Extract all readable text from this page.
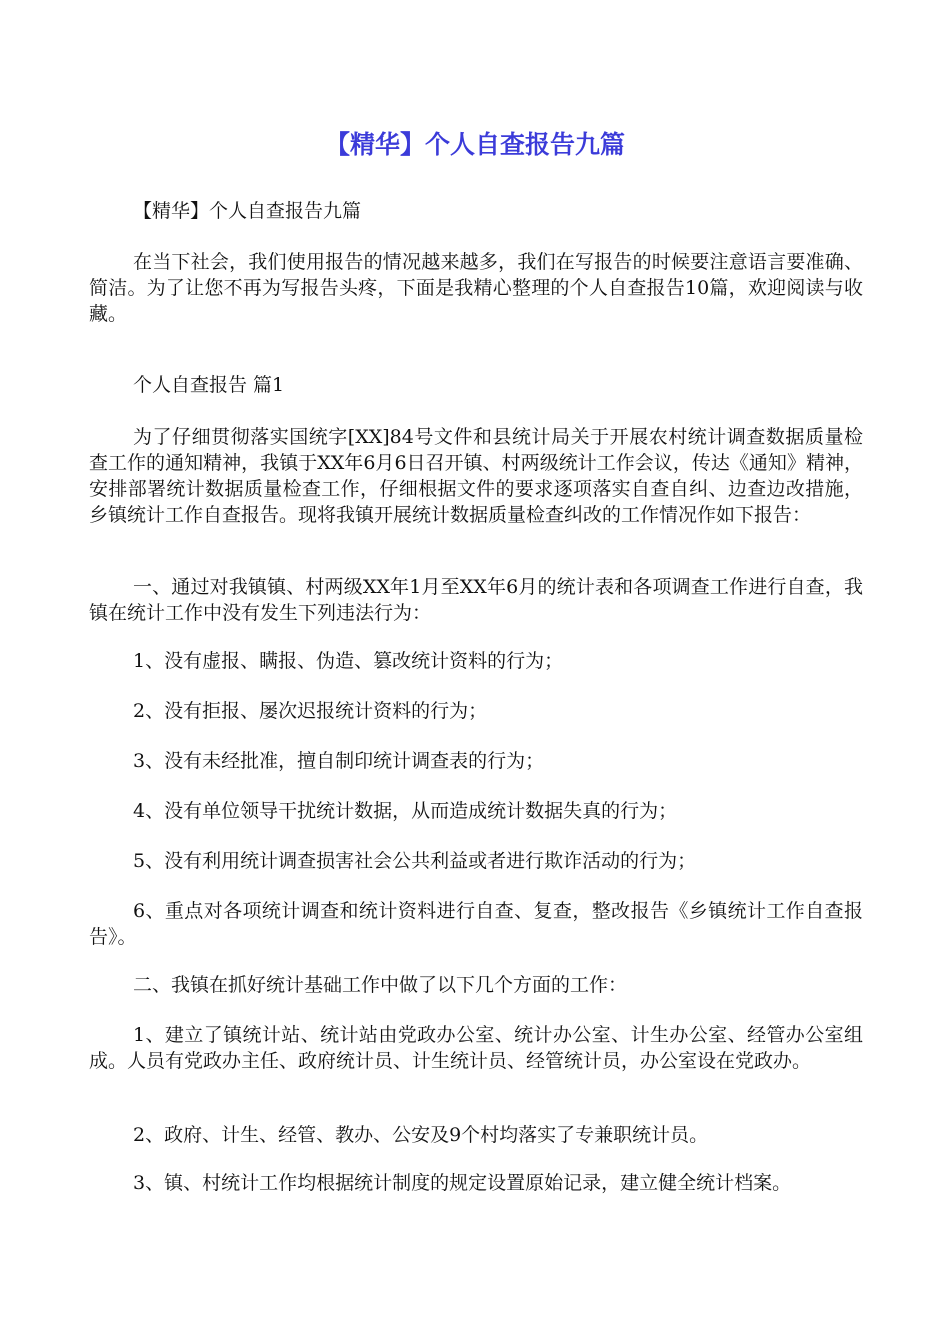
【精华】个人自查报告九篇

【精华】个人自查报告九篇

在当下社会，我们使用报告的情况越来越多，我们在写报告的时候要注意语言要准确、简洁。为了让您不再为写报告头疼，下面是我精心整理的个人自查报告10篇，欢迎阅读与收藏。

个人自查报告 篇1

为了仔细贯彻落实国统字[XX]84号文件和县统计局关于开展农村统计调查数据质量检查工作的通知精神，我镇于XX年6月6日召开镇、村两级统计工作会议，传达《通知》精神，安排部署统计数据质量检查工作，仔细根据文件的要求逐项落实自查自纠、边查边改措施，乡镇统计工作自查报告。现将我镇开展统计数据质量检查纠改的工作情况作如下报告：

一、通过对我镇镇、村两级XX年1月至XX年6月的统计表和各项调查工作进行自查，我镇在统计工作中没有发生下列违法行为：

1、没有虚报、瞒报、伪造、篡改统计资料的行为；

2、没有拒报、屡次迟报统计资料的行为；

3、没有未经批准，擅自制印统计调查表的行为；

4、没有单位领导干扰统计数据，从而造成统计数据失真的行为；

5、没有利用统计调查损害社会公共利益或者进行欺诈活动的行为；

6、重点对各项统计调查和统计资料进行自查、复查，整改报告《乡镇统计工作自查报告》。

二、我镇在抓好统计基础工作中做了以下几个方面的工作：

1、建立了镇统计站、统计站由党政办公室、统计办公室、计生办公室、经管办公室组成。人员有党政办主任、政府统计员、计生统计员、经管统计员，办公室设在党政办。

2、政府、计生、经管、教办、公安及9个村均落实了专兼职统计员。

3、镇、村统计工作均根据统计制度的规定设置原始记录，建立健全统计档案。
